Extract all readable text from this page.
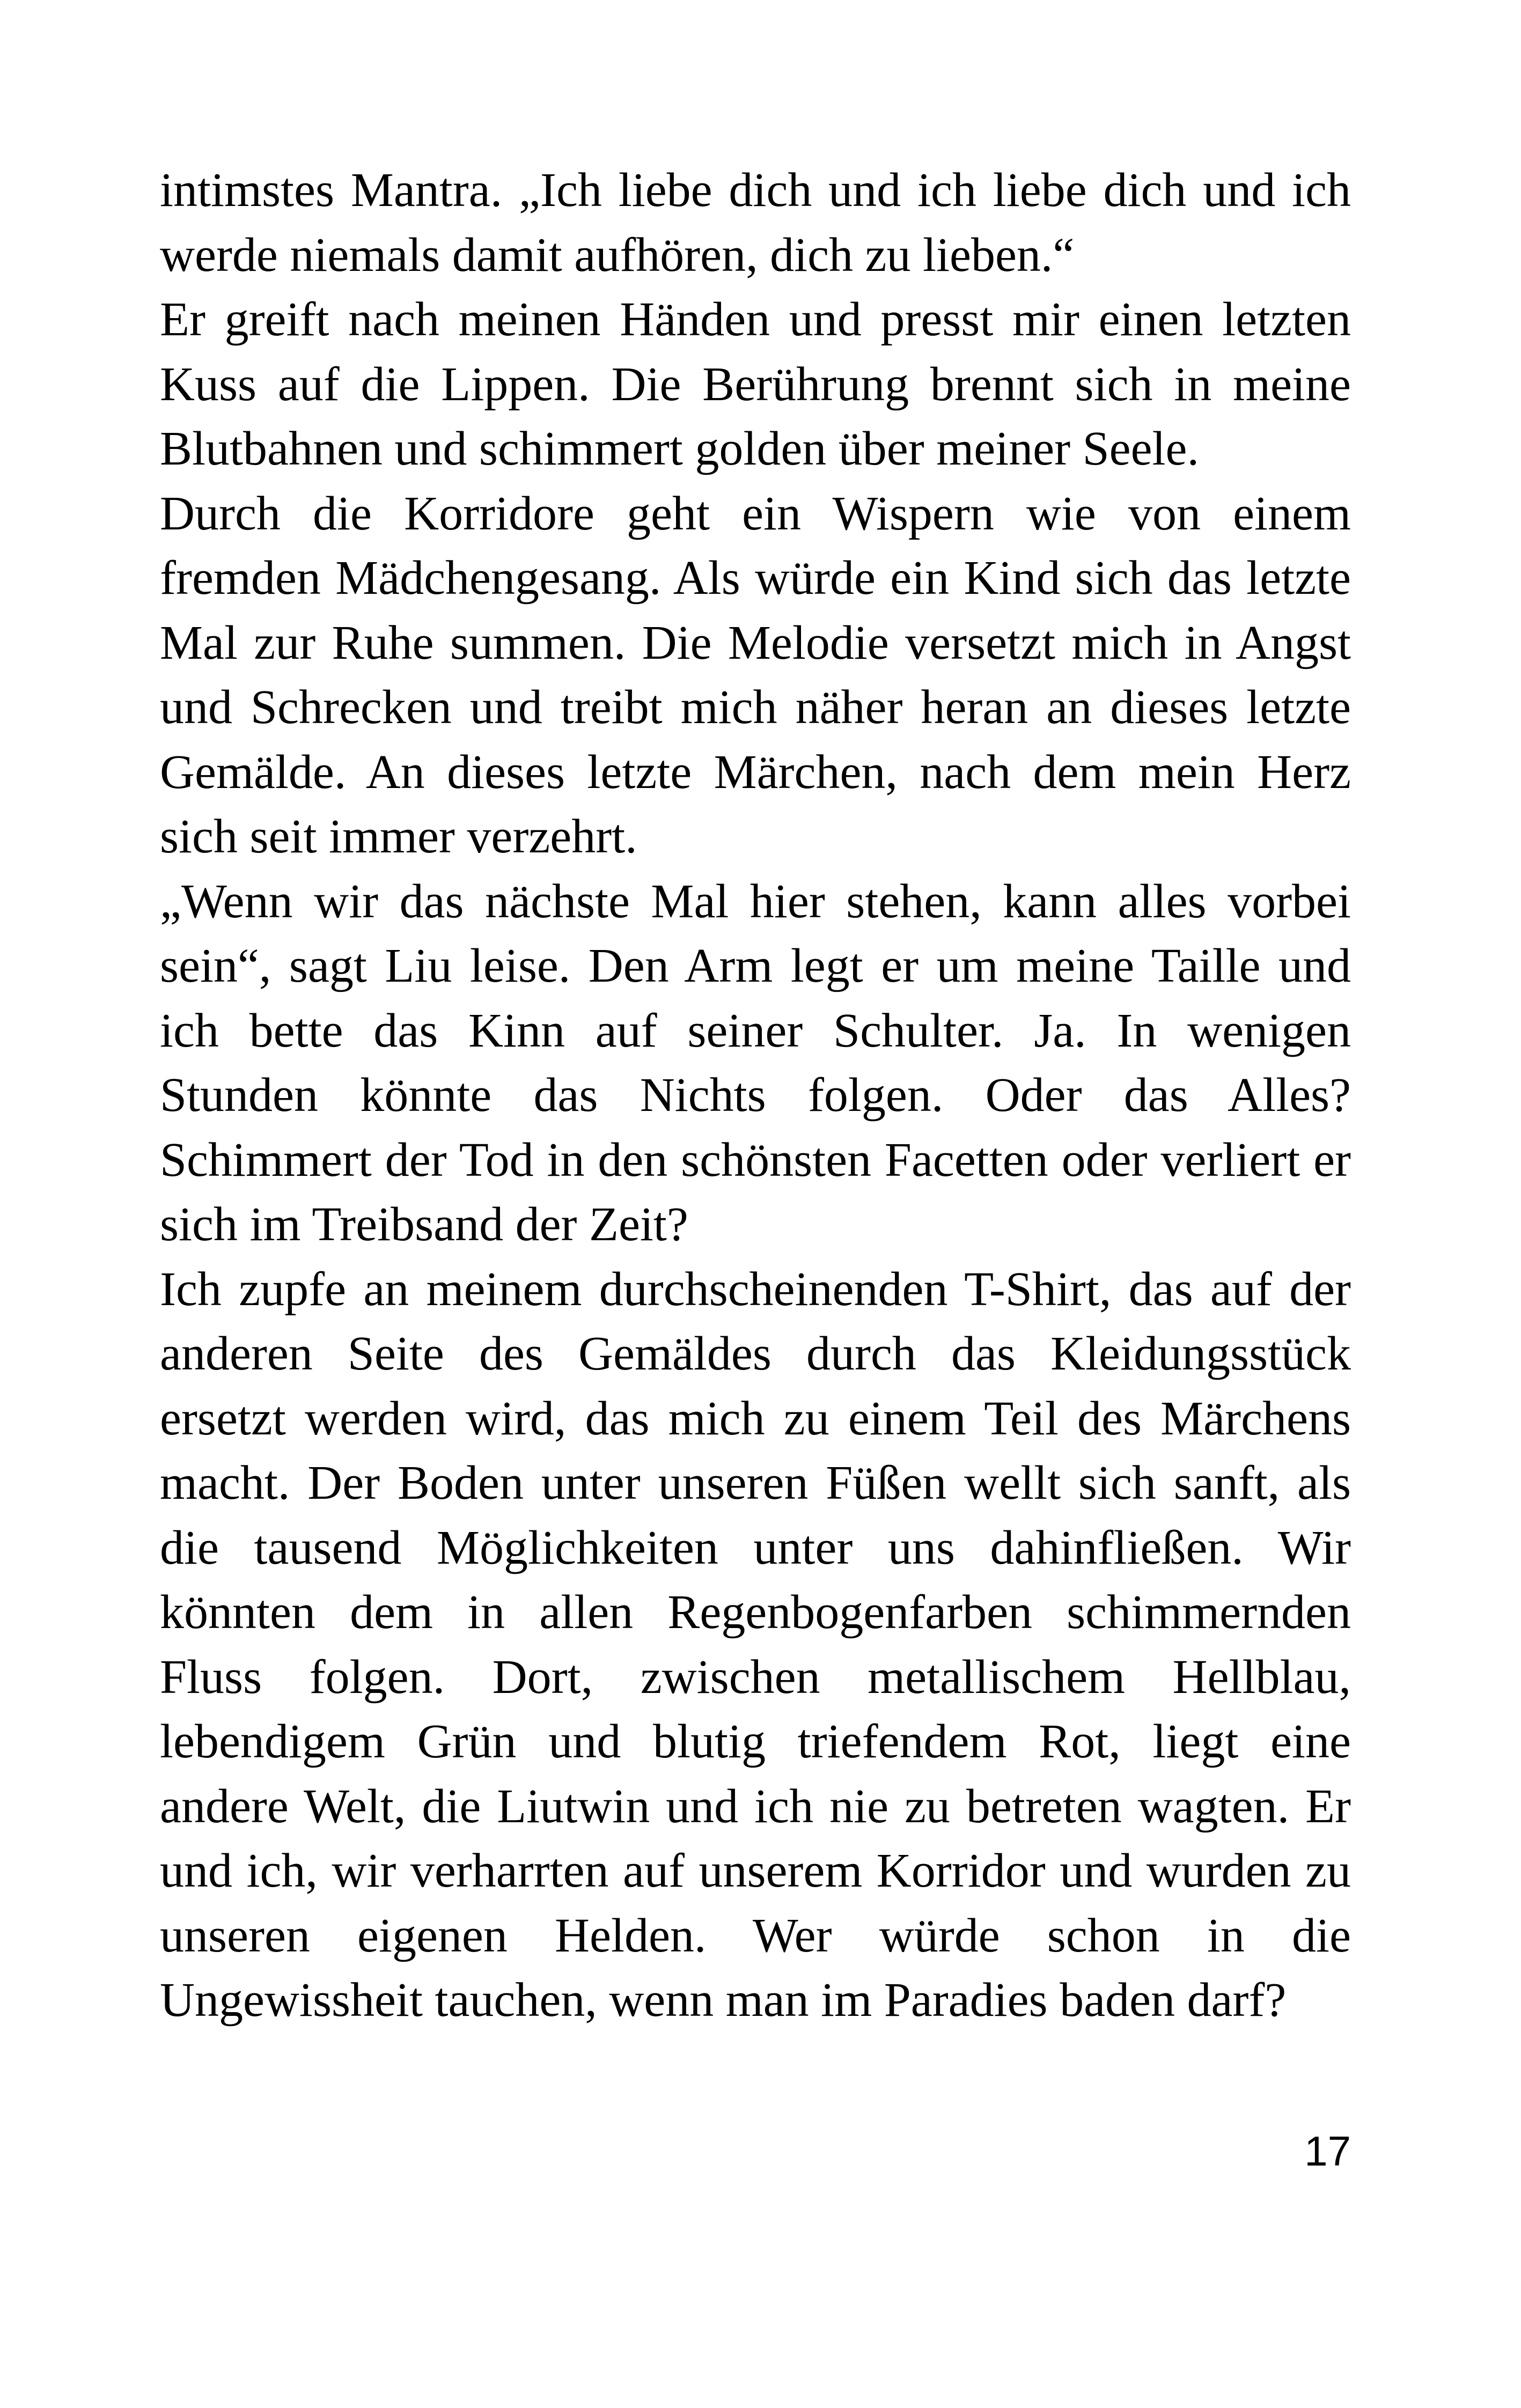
intimstes Mantra. „Ich liebe dich und ich liebe dich und ich werde niemals damit aufhören, dich zu lieben.“

Er greift nach meinen Händen und presst mir einen letzten Kuss auf die Lippen. Die Berührung brennt sich in meine Blutbahnen und schimmert golden über meiner Seele.

Durch die Korridore geht ein Wispern wie von einem fremden Mädchengesang. Als würde ein Kind sich das letzte Mal zur Ruhe summen. Die Melodie versetzt mich in Angst und Schrecken und treibt mich näher heran an dieses letzte Gemälde. An dieses letzte Märchen, nach dem mein Herz sich seit immer verzehrt.

„Wenn wir das nächste Mal hier stehen, kann alles vorbei sein“, sagt Liu leise. Den Arm legt er um meine Taille und ich bette das Kinn auf seiner Schulter. Ja. In wenigen Stunden könnte das Nichts folgen. Oder das Alles? Schimmert der Tod in den schönsten Facetten oder verliert er sich im Treibsand der Zeit?

Ich zupfe an meinem durchscheinenden T-Shirt, das auf der anderen Seite des Gemäldes durch das Kleidungsstück ersetzt werden wird, das mich zu einem Teil des Märchens macht. Der Boden unter unseren Füßen wellt sich sanft, als die tausend Möglichkeiten unter uns dahinfließen. Wir könnten dem in allen Regenbogenfarben schimmernden Fluss folgen. Dort, zwischen metallischem Hellblau, lebendigem Grün und blutig triefendem Rot, liegt eine andere Welt, die Liutwin und ich nie zu betreten wagten. Er und ich, wir verharrten auf unserem Korridor und wurden zu unseren eigenen Helden. Wer würde schon in die Ungewissheit tauchen, wenn man im Paradies baden darf?

17
